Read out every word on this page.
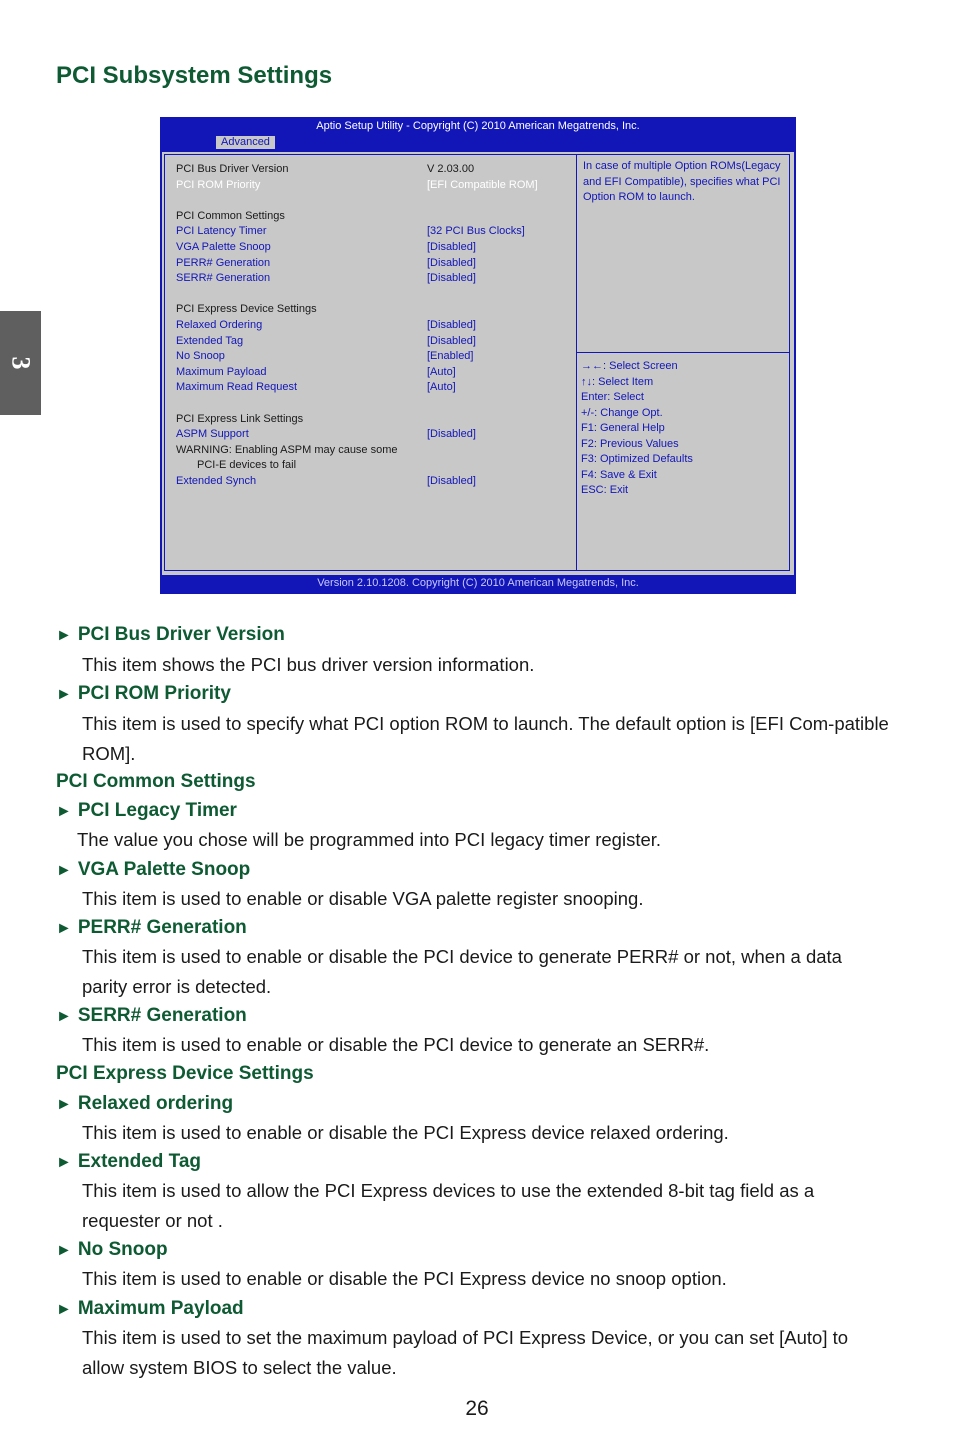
3
PCI Subsystem Settings
Aptio Setup Utility - Copyright (C) 2010 American Megatrends, Inc.
Advanced
PCI Bus Driver Version	V 2.03.00
PCI ROM Priority	[EFI Compatible ROM]
PCI Common Settings
PCI Latency Timer	[32 PCI Bus Clocks]
VGA Palette Snoop	[Disabled]
PERR# Generation	[Disabled]
SERR# Generation	[Disabled]
PCI Express Device Settings
Relaxed Ordering	[Disabled]
Extended Tag	[Disabled]
No Snoop	[Enabled]
Maximum Payload	[Auto]
Maximum Read Request	[Auto]
PCI Express Link Settings
ASPM Support	[Disabled]
WARNING: Enabling ASPM may cause some
PCI-E devices to fail
Extended Synch	[Disabled]
In case of multiple Option ROMs(Legacy and EFI Compatible), specifies what PCI Option ROM to launch.
→←: Select Screen
↑↓: Select Item
Enter: Select
+/-: Change Opt.
F1: General Help
F2: Previous Values
F3: Optimized Defaults
F4: Save & Exit
ESC: Exit
Version 2.10.1208. Copyright (C) 2010 American Megatrends, Inc.
► PCI Bus Driver Version
This item shows the PCI bus driver version information.
► PCI ROM Priority
This item is used to specify what PCI option ROM to launch. The default option is [EFI Com-patible ROM].
PCI Common Settings
► PCI Legacy Timer
The value you chose will be programmed into PCI legacy timer register.
► VGA Palette Snoop
This item is used to enable or disable VGA palette register snooping.
► PERR# Generation
This item is used to enable or disable the PCI device to generate PERR# or not, when a data parity error is detected.
► SERR# Generation
This item is used to enable or disable the PCI device to generate an SERR#.
PCI Express Device Settings
► Relaxed ordering
This item is used to enable or disable the PCI Express device relaxed ordering.
► Extended Tag
This item is used to allow the PCI Express devices to use the extended 8-bit tag field as a requester or not .
► No Snoop
This item is used to enable or disable the PCI Express device no snoop option.
► Maximum Payload
This item is used to set the maximum payload of PCI Express Device, or you can set [Auto] to allow system BIOS to select the value.
26
